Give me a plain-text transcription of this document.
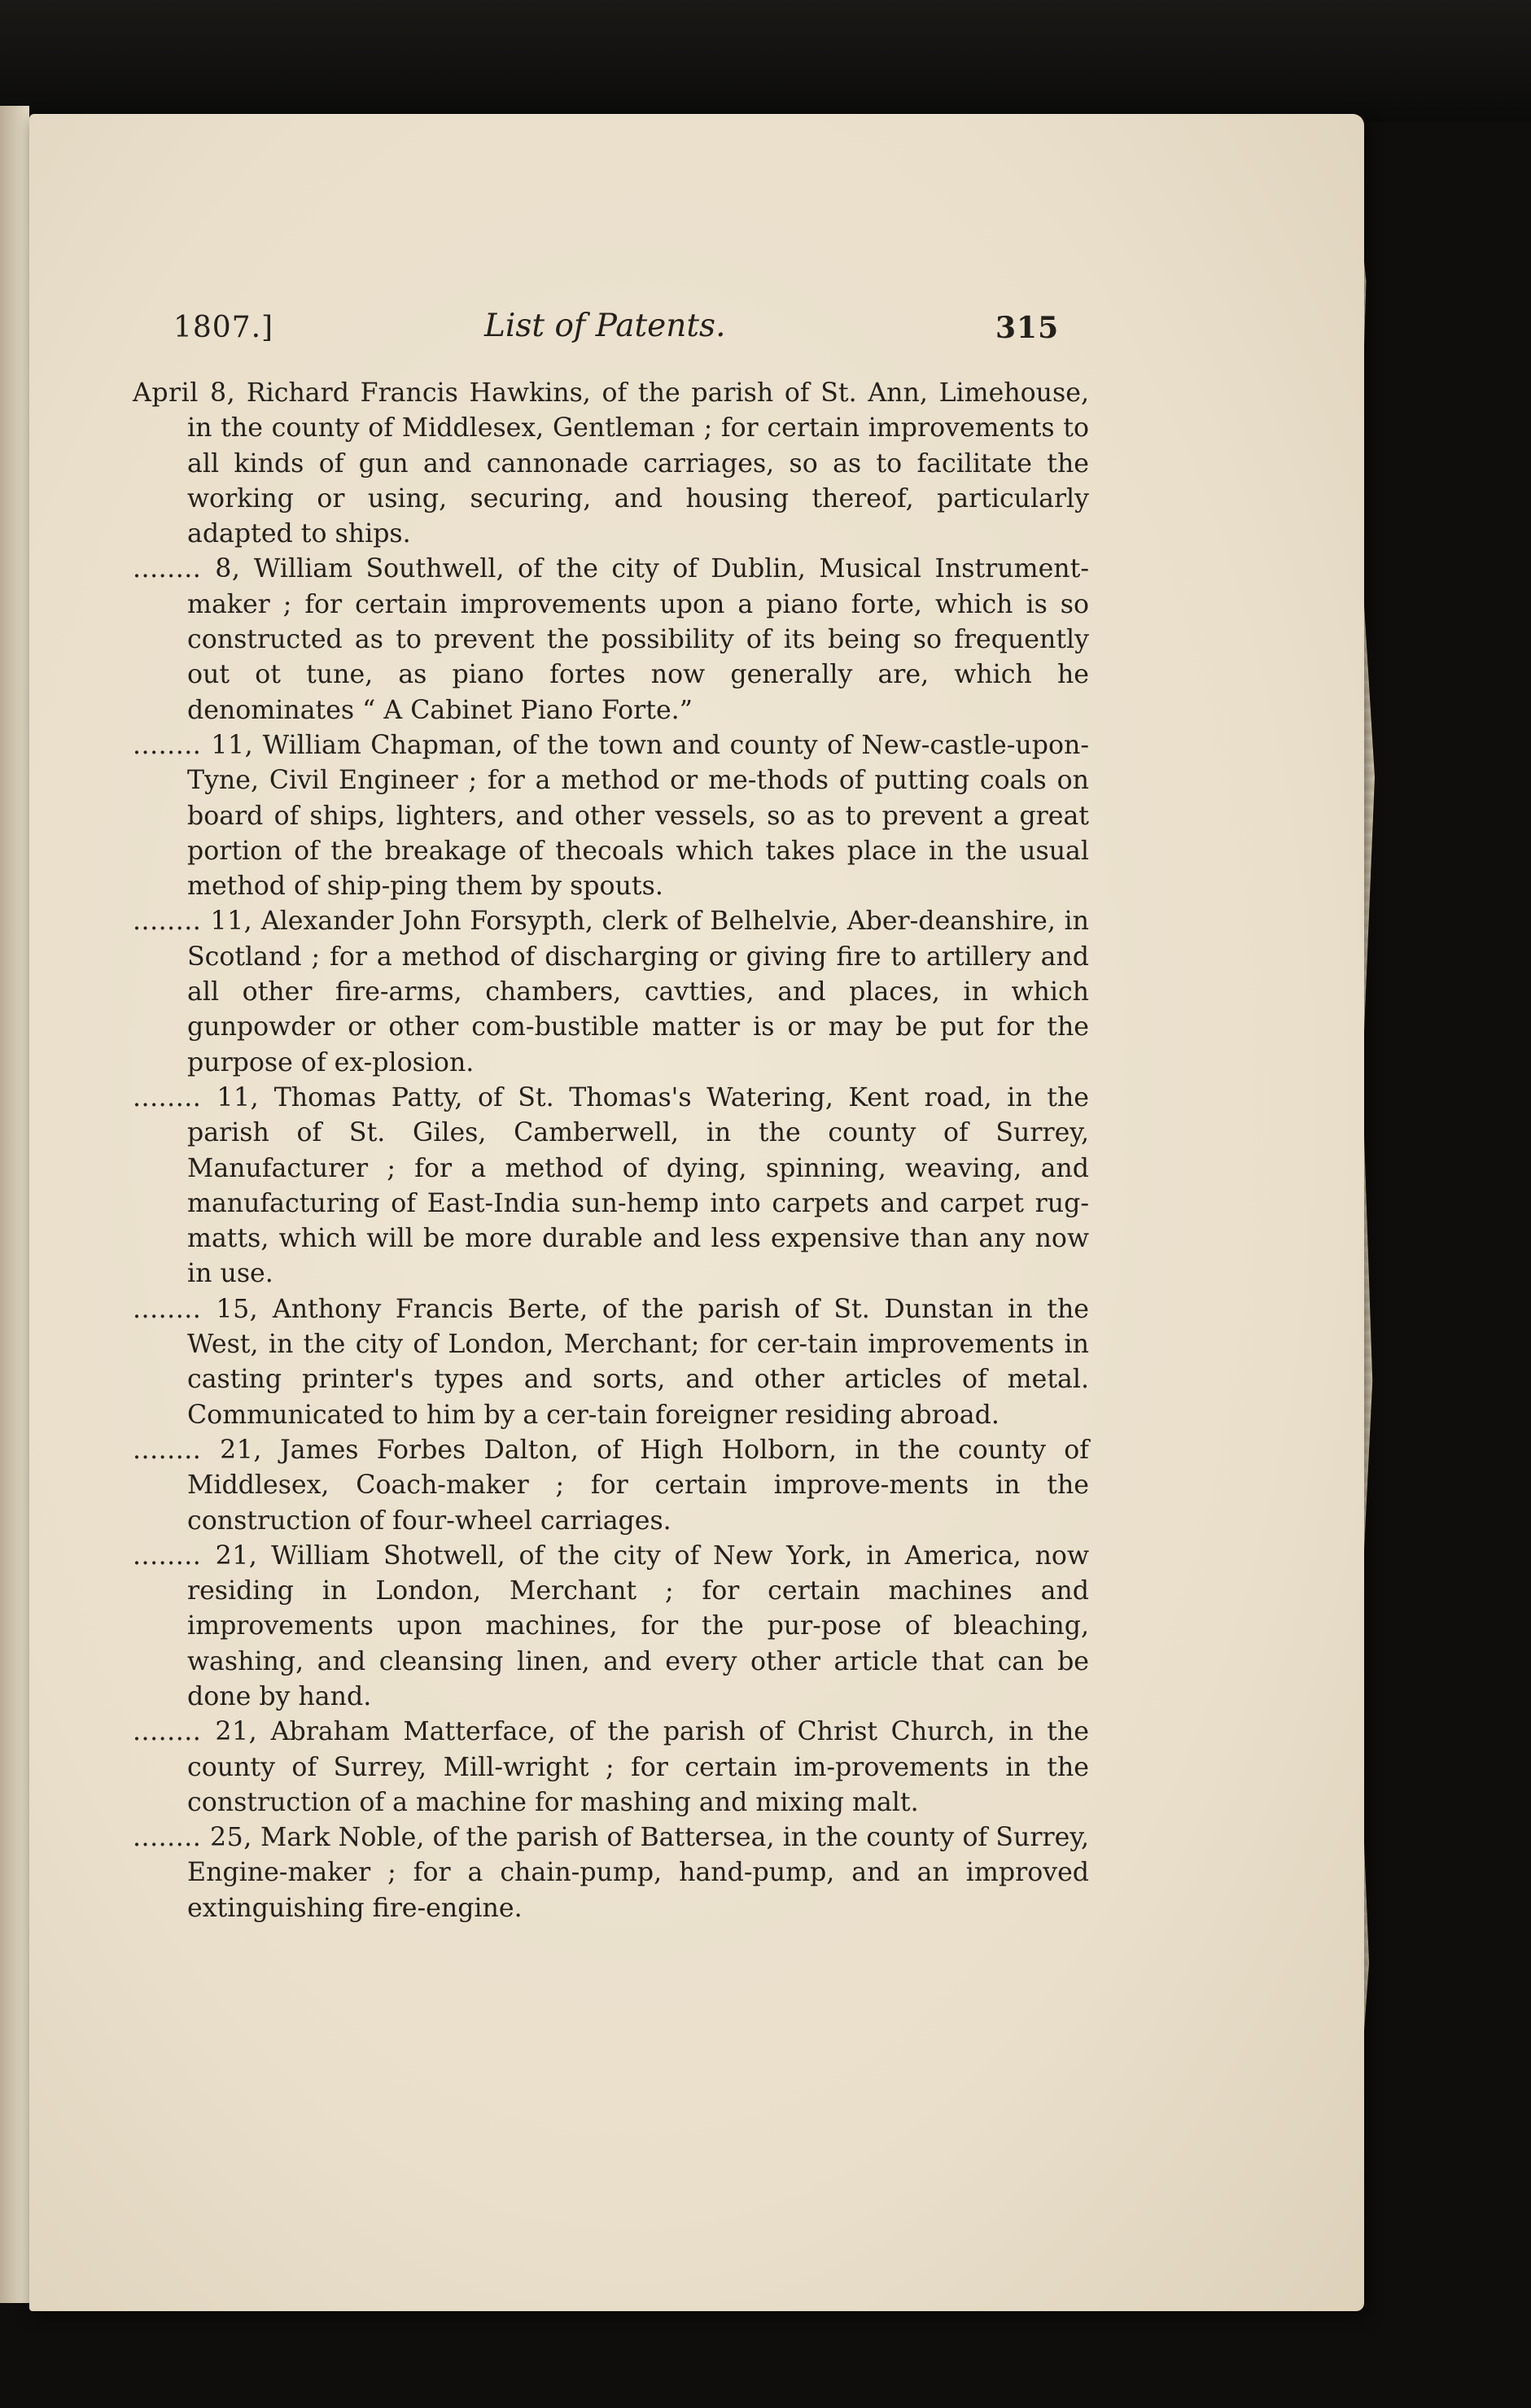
1807.]	List of Patents.	315

April 8, Richard Francis Hawkins, of the parish of St. Ann, Limehouse, in the county of Middlesex, Gentleman ; for certain improvements to all kinds of gun and cannonade carriages, so as to facilitate the working or using, securing, and housing thereof, particularly adapted to ships.

........ 8, William Southwell, of the city of Dublin, Musical Instrument-maker ; for certain improvements upon a piano forte, which is so constructed as to prevent the possibility of its being so frequently out ot tune, as piano fortes now generally are, which he denominates “ A Cabinet Piano Forte.”

........ 11, William Chapman, of the town and county of New-castle-upon-Tyne, Civil Engineer ; for a method or me-thods of putting coals on board of ships, lighters, and other vessels, so as to prevent a great portion of the breakage of thecoals which takes place in the usual method of ship-ping them by spouts.

........ 11, Alexander John Forsypth, clerk of Belhelvie, Aber-deanshire, in Scotland ; for a method of discharging or giving fire to artillery and all other fire-arms, chambers, cavtties, and places, in which gunpowder or other com-bustible matter is or may be put for the purpose of ex-plosion.

........ 11, Thomas Patty, of St. Thomas's Watering, Kent road, in the parish of St. Giles, Camberwell, in the county of Surrey, Manufacturer ; for a method of dying, spinning, weaving, and manufacturing of East-India sun-hemp into carpets and carpet rug-matts, which will be more durable and less expensive than any now in use.

........ 15, Anthony Francis Berte, of the parish of St. Dunstan in the West, in the city of London, Merchant; for cer-tain improvements in casting printer's types and sorts, and other articles of metal. Communicated to him by a cer-tain foreigner residing abroad.

........ 21, James Forbes Dalton, of High Holborn, in the county of Middlesex, Coach-maker ; for certain improve-ments in the construction of four-wheel carriages.

........ 21, William Shotwell, of the city of New York, in America, now residing in London, Merchant ; for certain machines and improvements upon machines, for the pur-pose of bleaching, washing, and cleansing linen, and every other article that can be done by hand.

........ 21, Abraham Matterface, of the parish of Christ Church, in the county of Surrey, Mill-wright ; for certain im-provements in the construction of a machine for mashing and mixing malt.

........ 25, Mark Noble, of the parish of Battersea, in the county of Surrey, Engine-maker ; for a chain-pump, hand-pump, and an improved extinguishing fire-engine.
